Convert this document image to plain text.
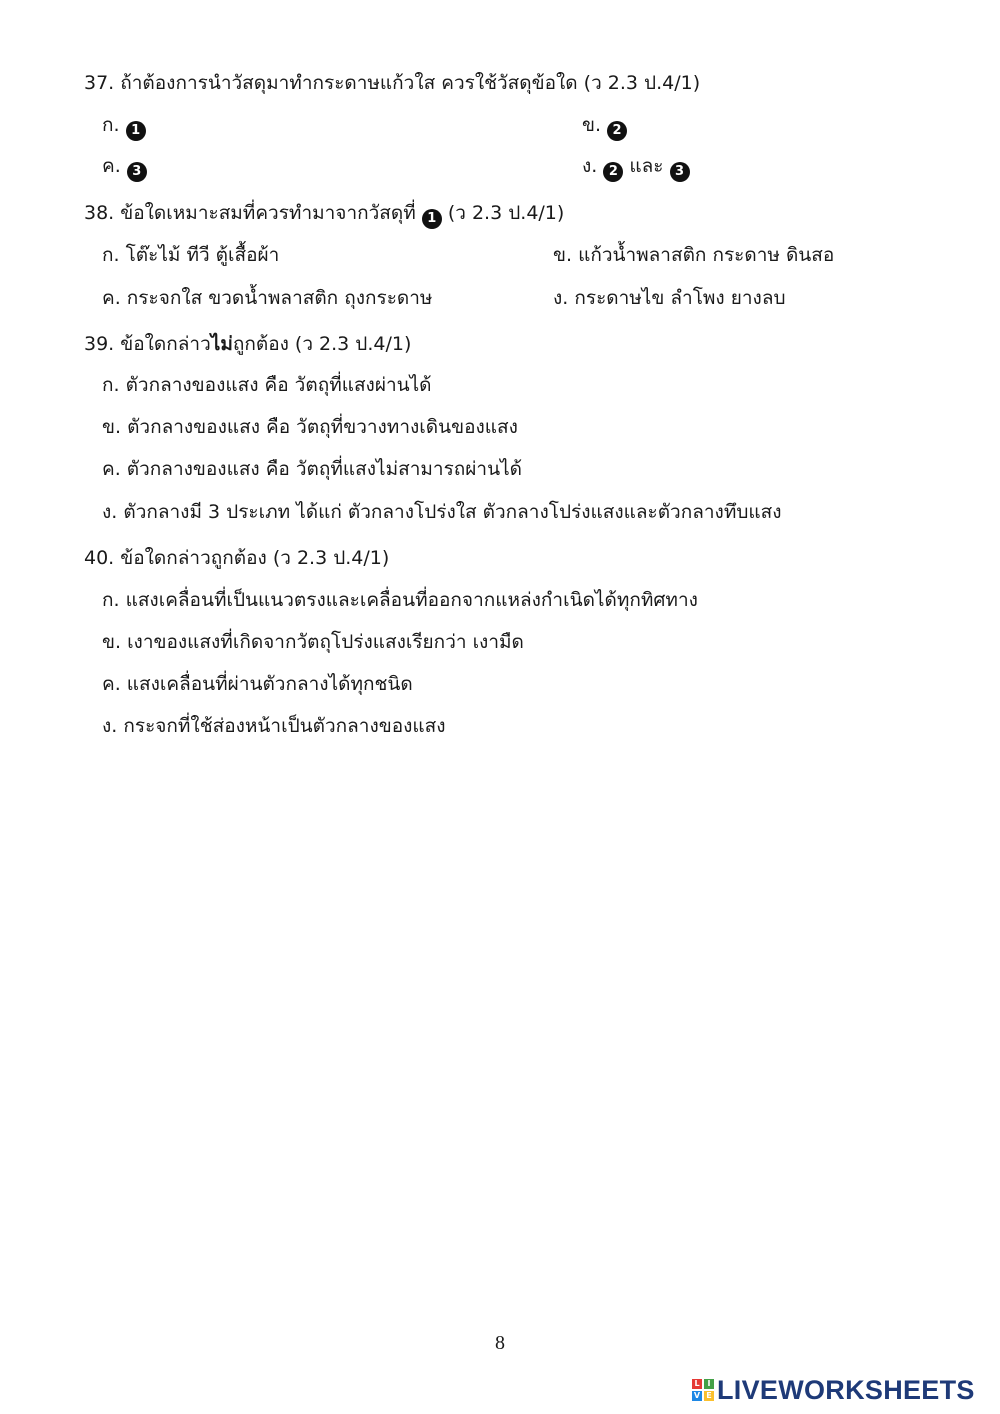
37. ถ้าต้องการนำวัสดุมาทำกระดาษแก้วใส ควรใช้วัสดุข้อใด (ว 2.3 ป.4/1)
ก. 1	ข. 2
ค. 3	ง. 2 และ 3
38. ข้อใดเหมาะสมที่ควรทำมาจากวัสดุที่ 1 (ว 2.3 ป.4/1)
ก. โต๊ะไม้ ทีวี ตู้เสื้อผ้า	ข. แก้วน้ำพลาสติก กระดาษ ดินสอ
ค. กระจกใส ขวดน้ำพลาสติก ถุงกระดาษ	ง. กระดาษไข ลำโพง ยางลบ
39. ข้อใดกล่าวไม่ถูกต้อง (ว 2.3 ป.4/1)
ก. ตัวกลางของแสง คือ วัตถุที่แสงผ่านได้
ข. ตัวกลางของแสง คือ วัตถุที่ขวางทางเดินของแสง
ค. ตัวกลางของแสง คือ วัตถุที่แสงไม่สามารถผ่านได้
ง. ตัวกลางมี 3 ประเภท ได้แก่ ตัวกลางโปร่งใส ตัวกลางโปร่งแสงและตัวกลางทึบแสง
40. ข้อใดกล่าวถูกต้อง (ว 2.3 ป.4/1)
ก. แสงเคลื่อนที่เป็นแนวตรงและเคลื่อนที่ออกจากแหล่งกำเนิดได้ทุกทิศทาง
ข. เงาของแสงที่เกิดจากวัตถุโปร่งแสงเรียกว่า เงามืด
ค. แสงเคลื่อนที่ผ่านตัวกลางได้ทุกชนิด
ง. กระจกที่ใช้ส่องหน้าเป็นตัวกลางของแสง
8
L I
V E LIVEWORKSHEETS
